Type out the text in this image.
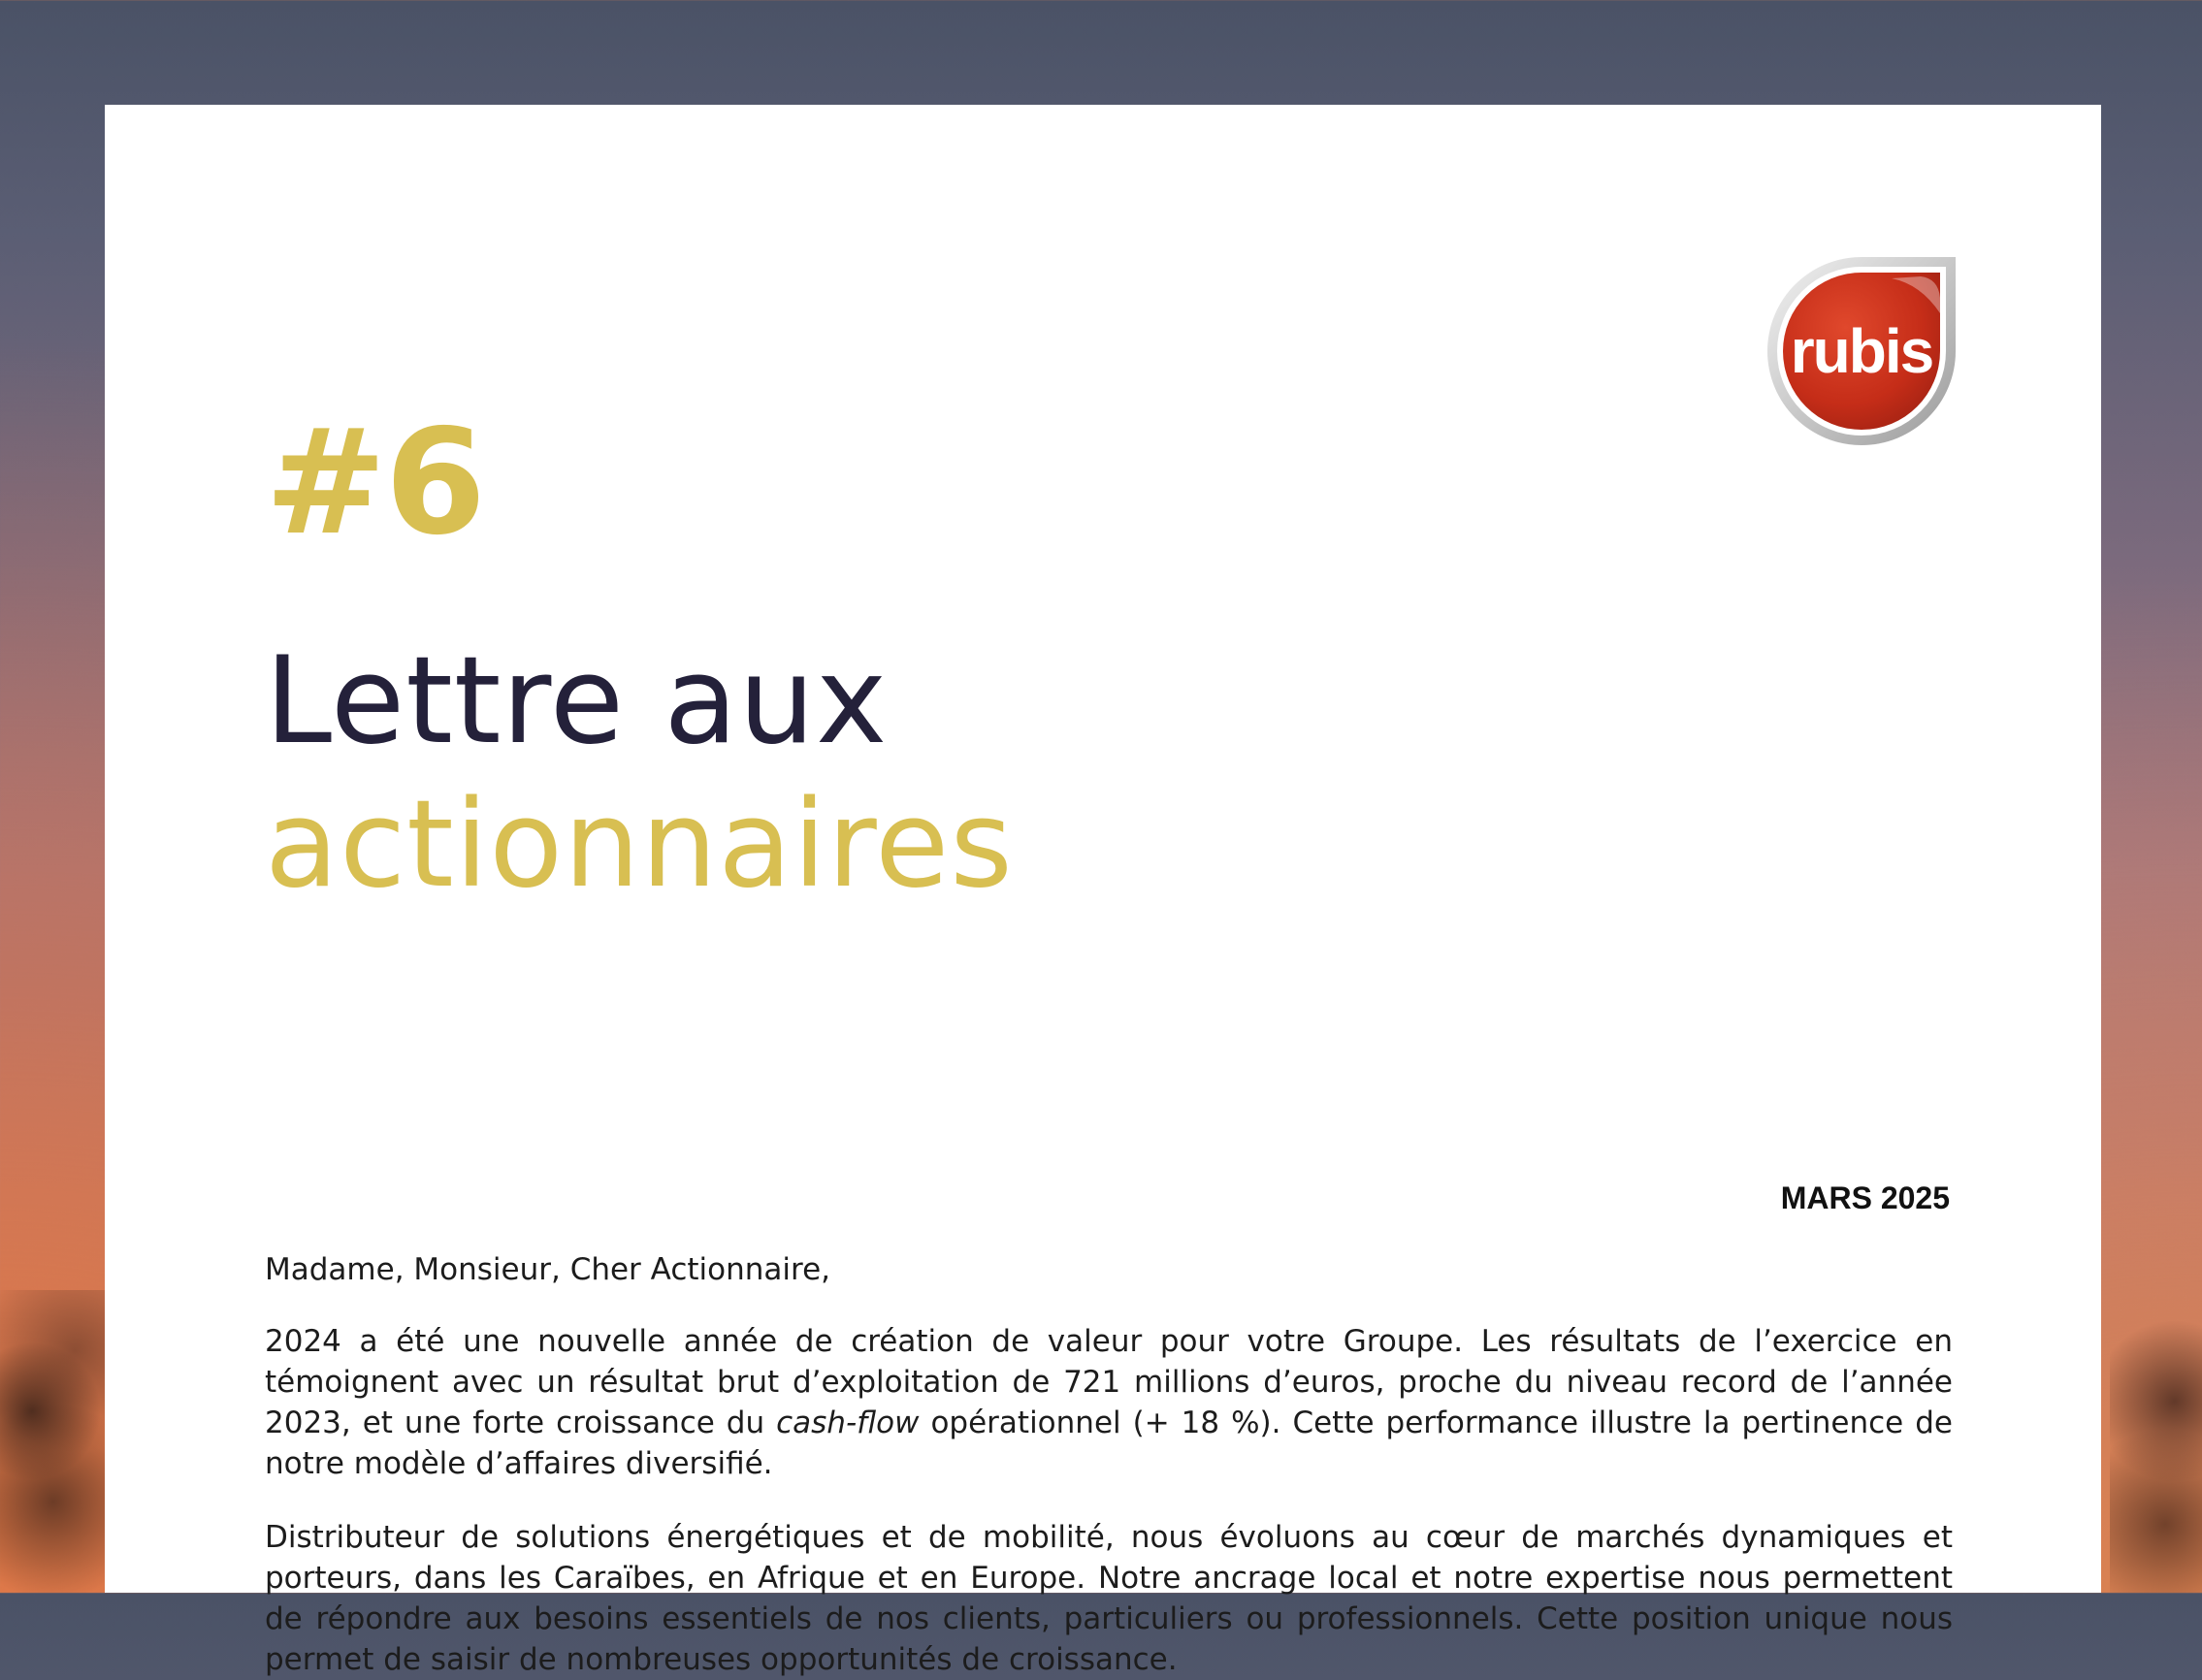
rubis
#6
Lettre aux
actionnaires
MARS 2025
Madame, Monsieur, Cher Actionnaire,

2024 a été une nouvelle année de création de valeur pour votre Groupe. Les résultats de l’exercice en témoignent avec un résultat brut d’exploitation de 721 millions d’euros, proche du niveau record de l’année 2023, et une forte croissance du cash-flow opérationnel (+ 18 %). Cette performance illustre la pertinence de notre modèle d’affaires diversifié.

Distributeur de solutions énergétiques et de mobilité, nous évoluons au cœur de marchés dynamiques et porteurs, dans les Caraïbes, en Afrique et en Europe. Notre ancrage local et notre expertise nous permettent de répondre aux besoins essentiels de nos clients, particuliers ou professionnels. Cette position unique nous permet de saisir de nombreuses opportunités de croissance.
